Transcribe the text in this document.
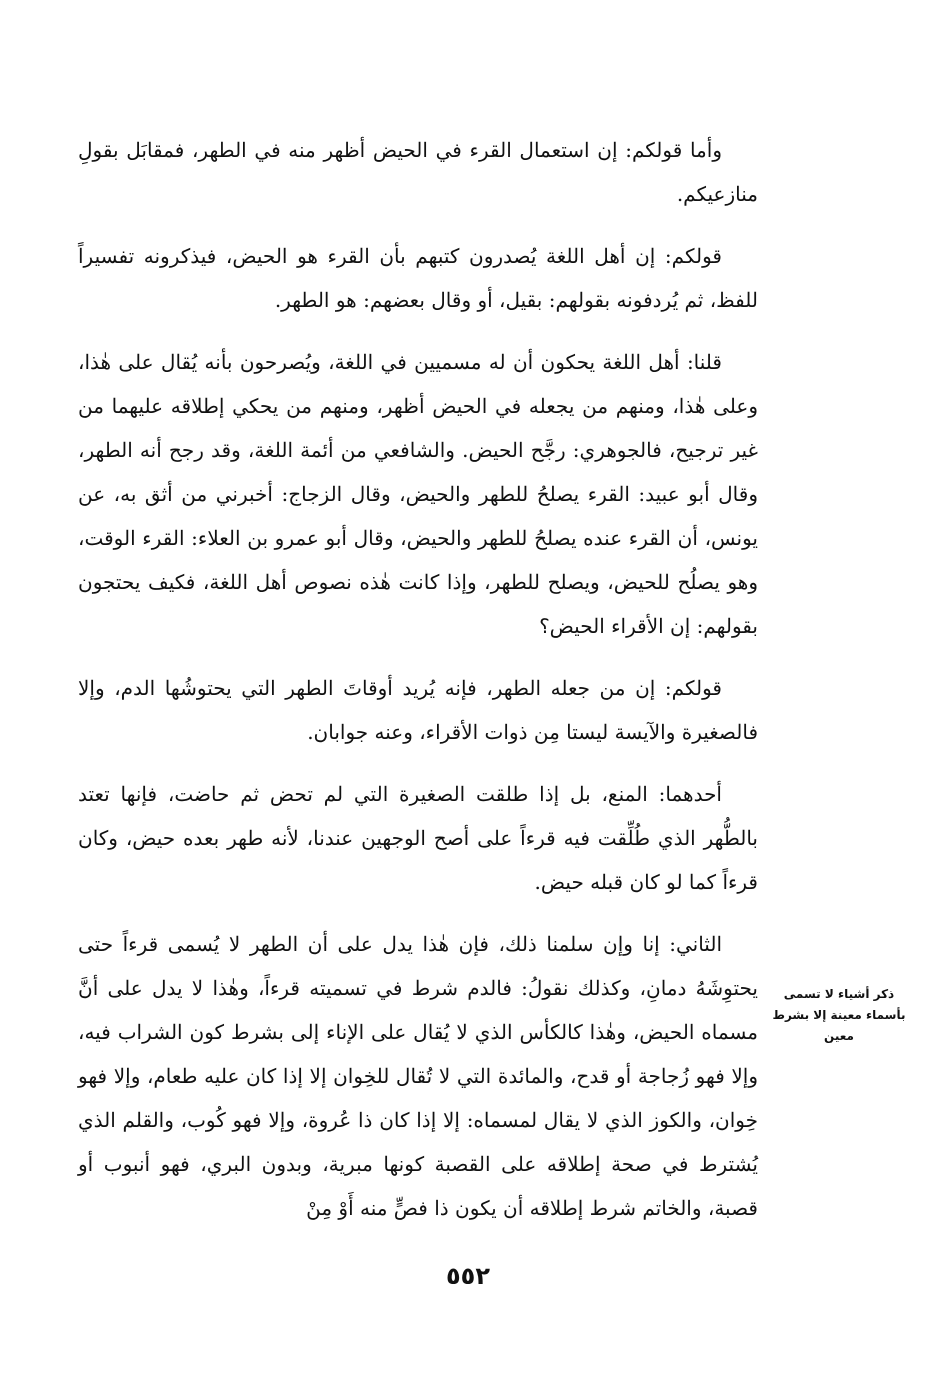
وأما قولكم: إن استعمال القرء في الحيض أظهر منه في الطهر، فمقابَل بقولِ منازعيكم.

قولكم: إن أهل اللغة يُصدرون كتبهم بأن القرء هو الحيض، فيذكرونه تفسيراً للفظ، ثم يُردفونه بقولهم: بقيل، أو وقال بعضهم: هو الطهر.

قلنا: أهل اللغة يحكون أن له مسميين في اللغة، ويُصرحون بأنه يُقال على هٰذا، وعلى هٰذا، ومنهم من يجعله في الحيض أظهر، ومنهم من يحكي إطلاقه عليهما من غير ترجيح، فالجوهري: رجَّح الحيض. والشافعي من أئمة اللغة، وقد رجح أنه الطهر، وقال أبو عبيد: القرء يصلحُ للطهر والحيض، وقال الزجاج: أخبرني من أثق به، عن يونس، أن القرء عنده يصلحُ للطهر والحيض، وقال أبو عمرو بن العلاء: القرء الوقت، وهو يصلُح للحيض، ويصلح للطهر، وإذا كانت هٰذه نصوص أهل اللغة، فكيف يحتجون بقولهم: إن الأقراء الحيض؟

قولكم: إن من جعله الطهر، فإنه يُريد أوقاتَ الطهر التي يحتوشُها الدم، وإلا فالصغيرة والآيسة ليستا مِن ذوات الأقراء، وعنه جوابان.

أحدهما: المنع، بل إذا طلقت الصغيرة التي لم تحض ثم حاضت، فإنها تعتد بالطُّهر الذي طُلِّقت فيه قرءاً على أصح الوجهين عندنا، لأنه طهر بعده حيض، وكان قرءاً كما لو كان قبله حيض.

الثاني: إنا وإن سلمنا ذلك، فإن هٰذا يدل على أن الطهر لا يُسمى قرءاً حتى يحتوِشَهُ دمانِ، وكذلك نقولُ: فالدم شرط في تسميته قرءاً، وهٰذا لا يدل على أنَّ مسماه الحيض، وهٰذا كالكأس الذي لا يُقال على الإناء إلى بشرط كون الشراب فيه، وإلا فهو زُجاجة أو قدح، والمائدة التي لا تُقال للخِوان إلا إذا كان عليه طعام، وإلا فهو خِوان، والكوز الذي لا يقال لمسماه: إلا إذا كان ذا عُروة، وإلا فهو كُوب، والقلم الذي يُشترط في صحة إطلاقه على القصبة كونها مبرية، وبدون البري، فهو أنبوب أو قصبة، والخاتم شرط إطلاقه أن يكون ذا فصٍّ منه أَوْ مِنْ

ذكر أشياء لا تسمى بأسماء معينة إلا بشرط معين
٥٥٢
